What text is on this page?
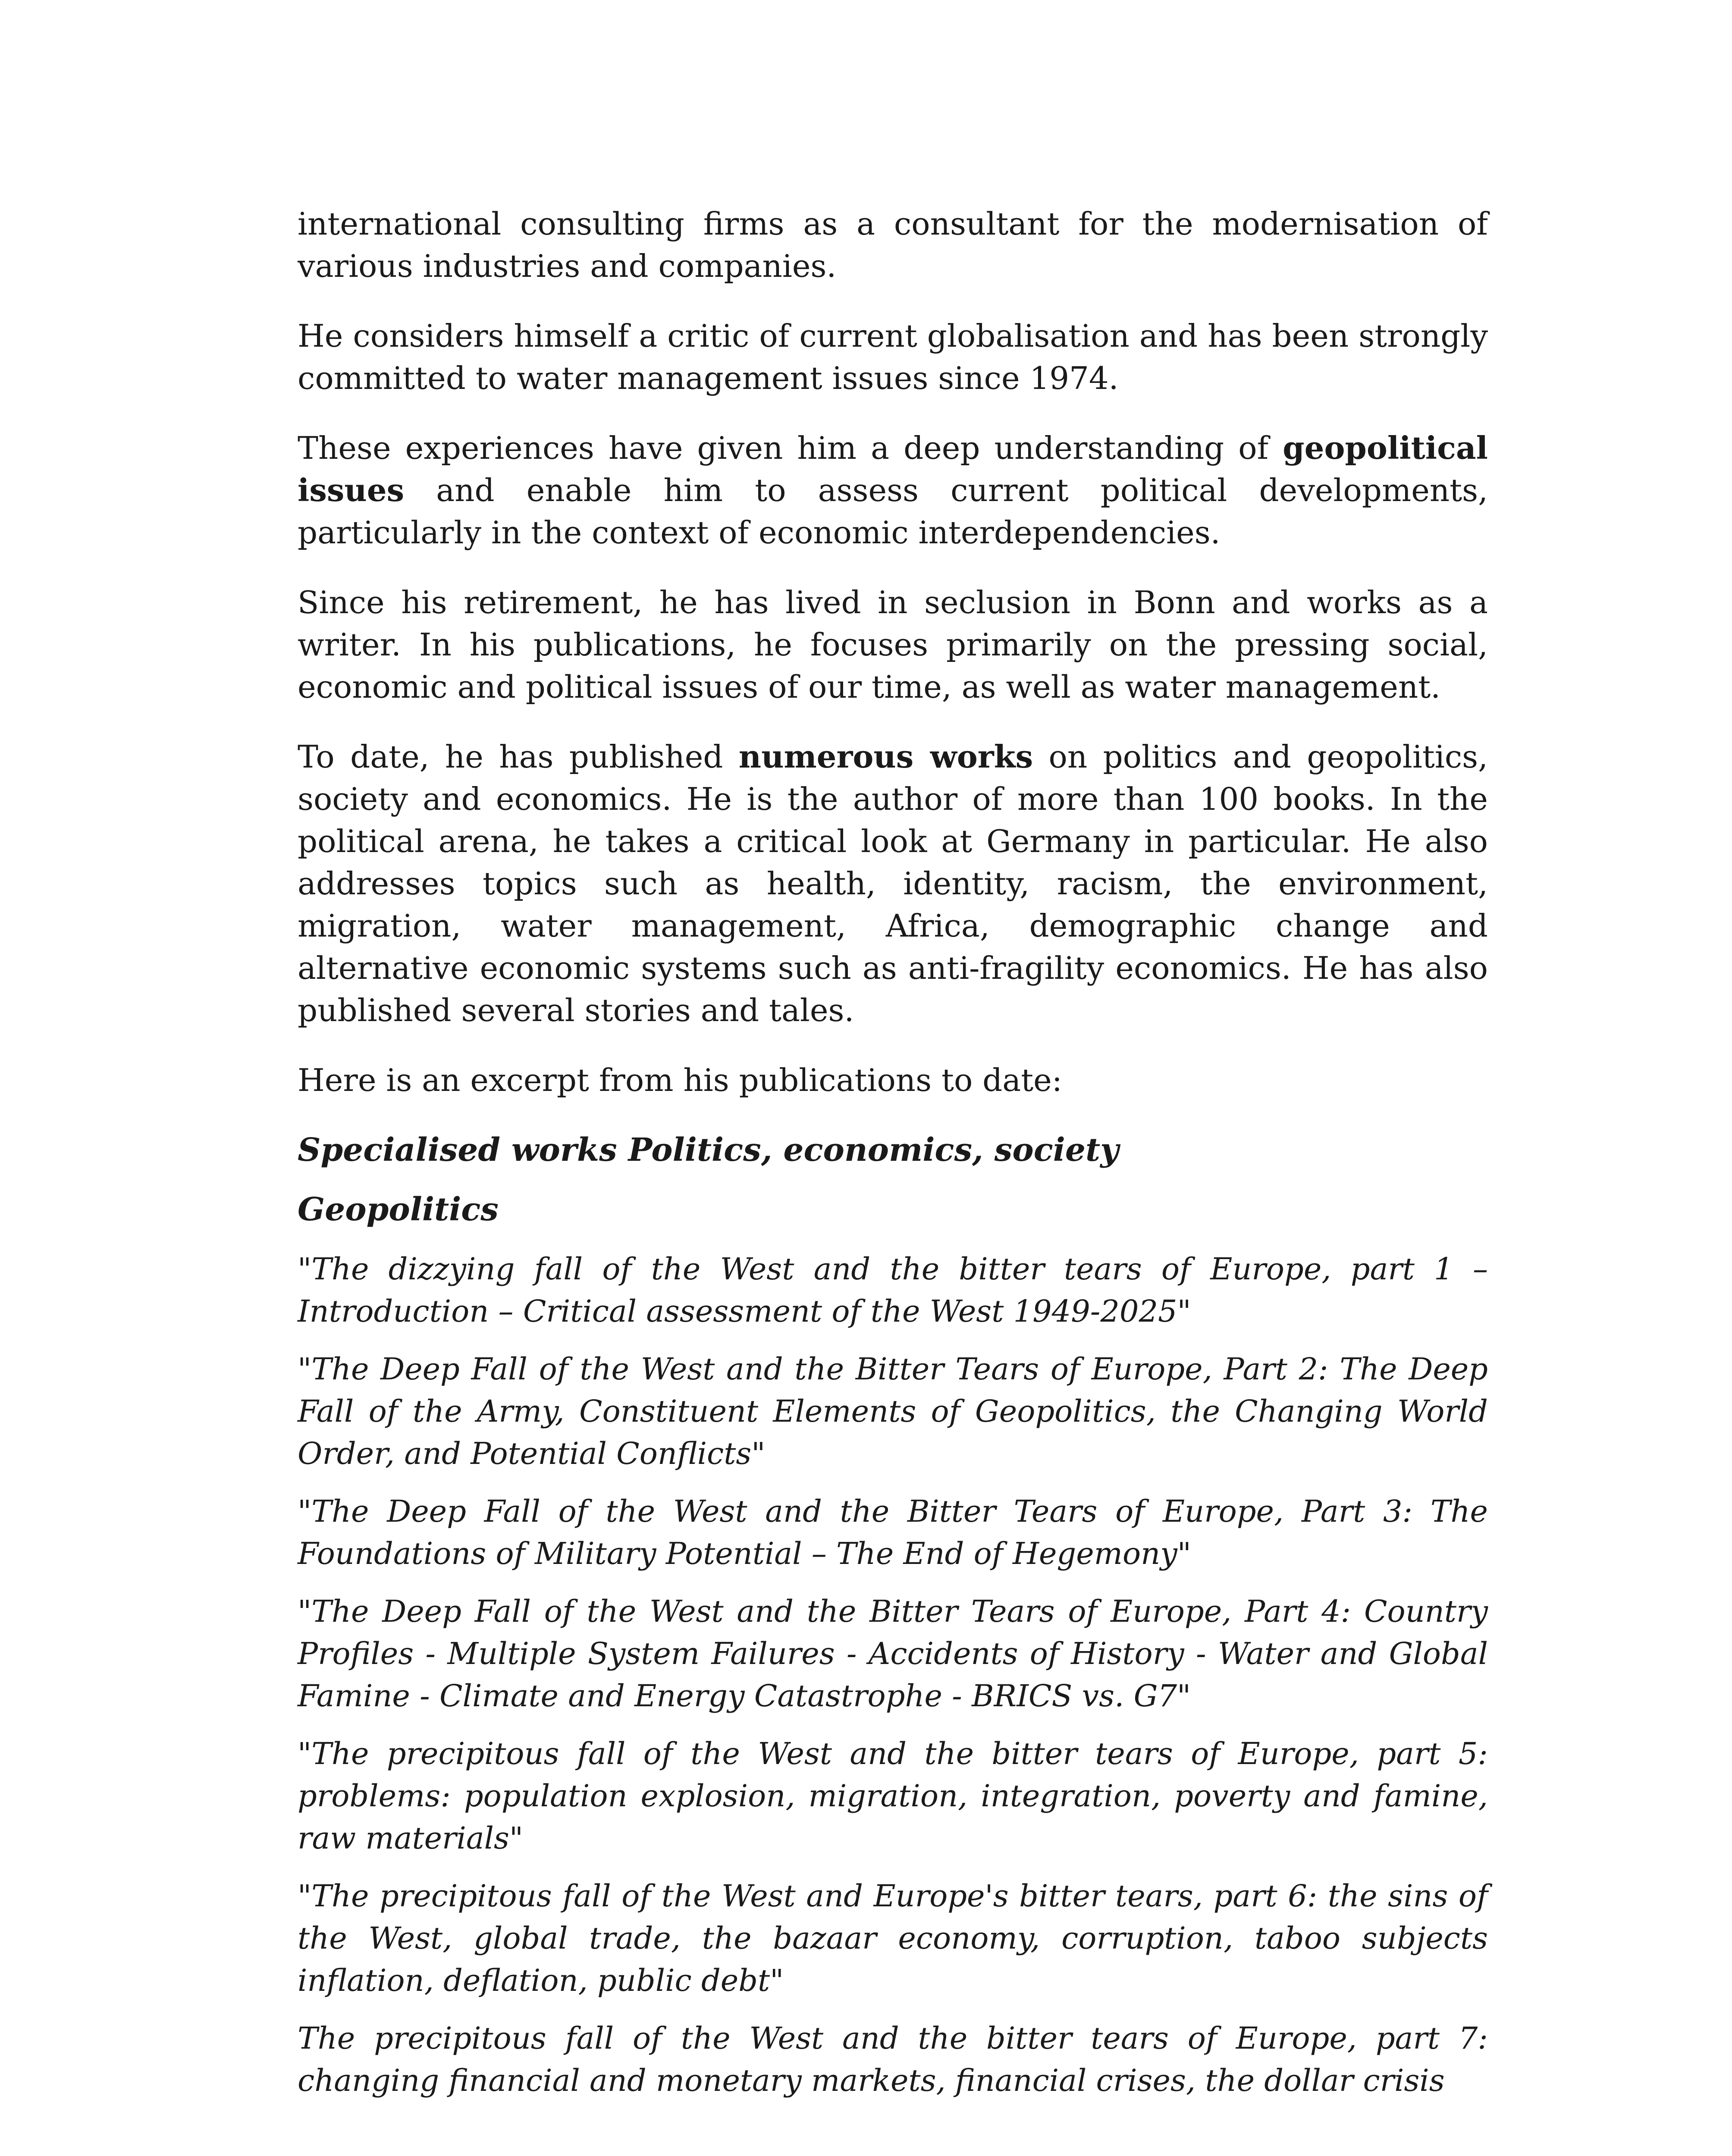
international consulting firms as a consultant for the modernisation of various industries and companies.

He considers himself a critic of current globalisation and has been strongly committed to water management issues since 1974.

These experiences have given him a deep understanding of geopolitical issues and enable him to assess current political developments, particularly in the context of economic interdependencies.

Since his retirement, he has lived in seclusion in Bonn and works as a writer. In his publications, he focuses primarily on the pressing social, economic and political issues of our time, as well as water management.

To date, he has published numerous works on politics and geopolitics, society and economics. He is the author of more than 100 books. In the political arena, he takes a critical look at Germany in particular. He also addresses topics such as health, identity, racism, the environment, migration, water management, Africa, demographic change and alternative economic systems such as anti-fragility economics. He has also published several stories and tales.

Here is an excerpt from his publications to date:

Specialised works Politics, economics, society

Geopolitics

"The dizzying fall of the West and the bitter tears of Europe, part 1 – Introduction – Critical assessment of the West 1949-2025"

"The Deep Fall of the West and the Bitter Tears of Europe, Part 2: The Deep Fall of the Army, Constituent Elements of Geopolitics, the Changing World Order, and Potential Conflicts"

"The Deep Fall of the West and the Bitter Tears of Europe, Part 3: The Foundations of Military Potential – The End of Hegemony"

"The Deep Fall of the West and the Bitter Tears of Europe, Part 4: Country Profiles - Multiple System Failures - Accidents of History - Water and Global Famine - Climate and Energy Catastrophe - BRICS vs. G7"

"The precipitous fall of the West and the bitter tears of Europe, part 5: problems: population explosion, migration, integration, poverty and famine, raw materials"

"The precipitous fall of the West and Europe's bitter tears, part 6: the sins of the West, global trade, the bazaar economy, corruption, taboo subjects inflation, deflation, public debt"

The precipitous fall of the West and the bitter tears of Europe, part 7: changing financial and monetary markets, financial crises, the dollar crisis
